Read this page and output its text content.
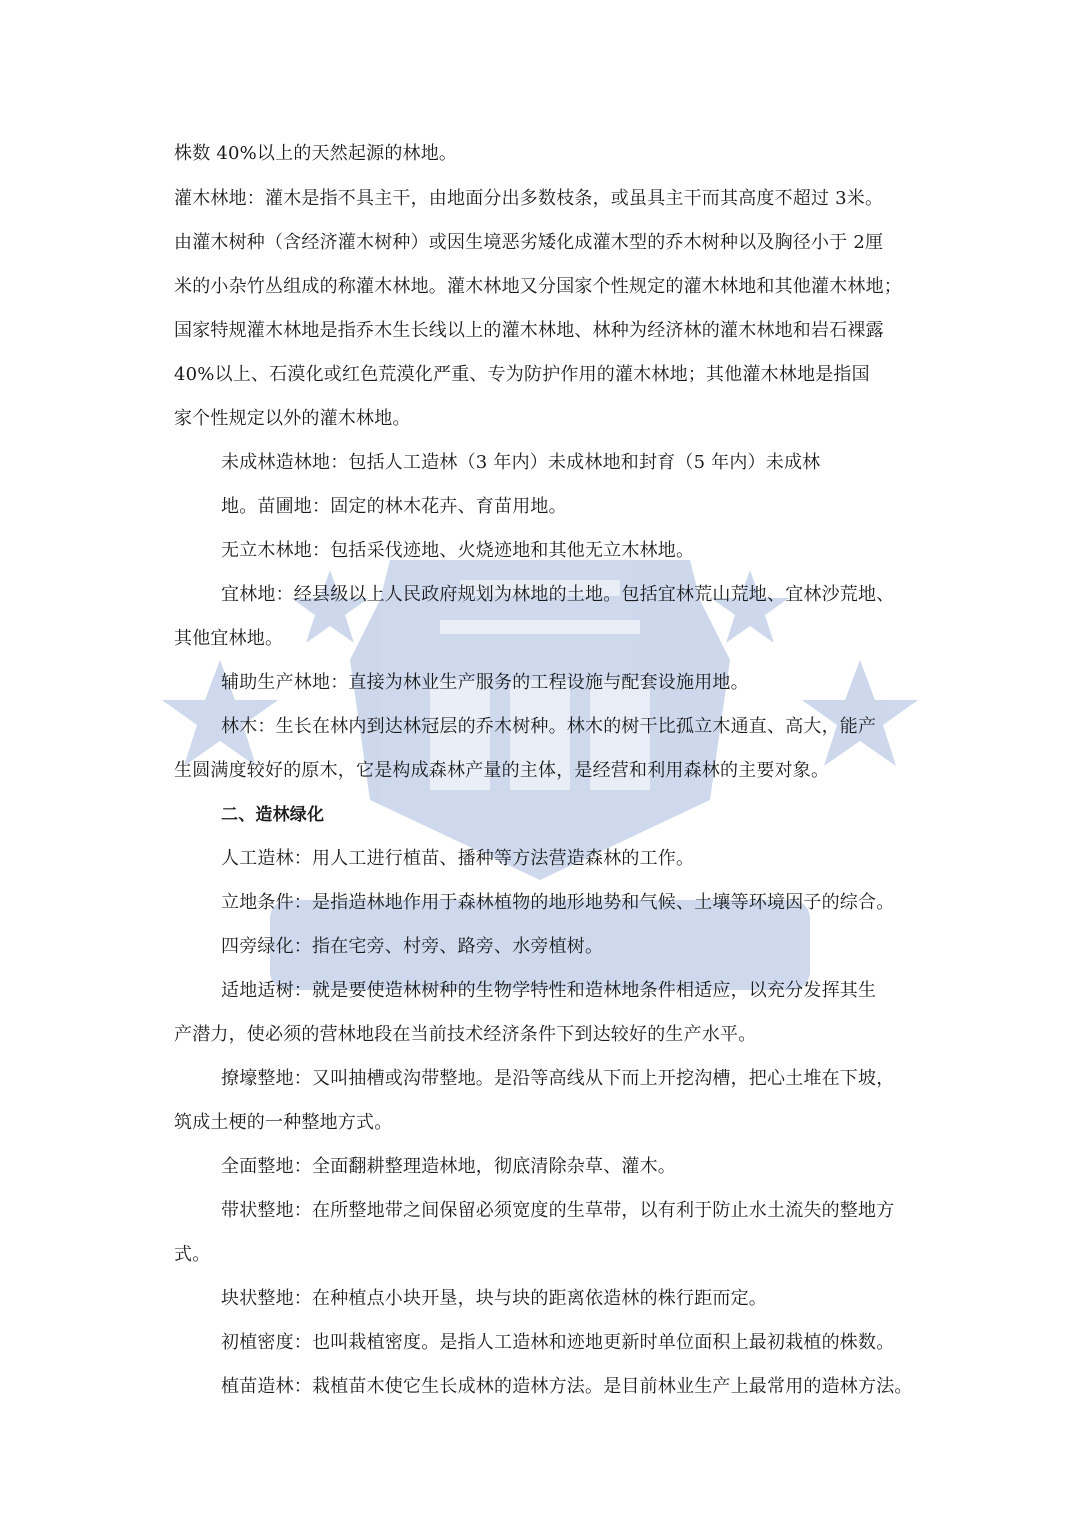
株数 40%以上的天然起源的林地。
灌木林地：灌木是指不具主干，由地面分出多数枝条，或虽具主干而其高度不超过 3米。
由灌木树种（含经济灌木树种）或因生境恶劣矮化成灌木型的乔木树种以及胸径小于 2厘
米的小杂竹丛组成的称灌木林地。灌木林地又分国家个性规定的灌木林地和其他灌木林地；
国家特规灌木林地是指乔木生长线以上的灌木林地、林种为经济林的灌木林地和岩石裸露
40%以上、石漠化或红色荒漠化严重、专为防护作用的灌木林地；其他灌木林地是指国
家个性规定以外的灌木林地。
未成林造林地：包括人工造林（3 年内）未成林地和封育（5 年内）未成林
地。苗圃地：固定的林木花卉、育苗用地。
无立木林地：包括采伐迹地、火烧迹地和其他无立木林地。
宜林地：经县级以上人民政府规划为林地的土地。包括宜林荒山荒地、宜林沙荒地、
其他宜林地。
辅助生产林地：直接为林业生产服务的工程设施与配套设施用地。
林木：生长在林内到达林冠层的乔木树种。林木的树干比孤立木通直、高大，能产
生圆满度较好的原木，它是构成森林产量的主体，是经营和利用森林的主要对象。
二、造林绿化
人工造林：用人工进行植苗、播种等方法营造森林的工作。
立地条件：是指造林地作用于森林植物的地形地势和气候、土壤等环境因子的综合。
四旁绿化：指在宅旁、村旁、路旁、水旁植树。
适地适树：就是要使造林树种的生物学特性和造林地条件相适应，以充分发挥其生
产潜力，使必须的营林地段在当前技术经济条件下到达较好的生产水平。
撩壕整地：又叫抽槽或沟带整地。是沿等高线从下而上开挖沟槽，把心土堆在下坡，
筑成土梗的一种整地方式。
全面整地：全面翻耕整理造林地，彻底清除杂草、灌木。
带状整地：在所整地带之间保留必须宽度的生草带，以有利于防止水土流失的整地方
式。
块状整地：在种植点小块开垦，块与块的距离依造林的株行距而定。
初植密度：也叫栽植密度。是指人工造林和迹地更新时单位面积上最初栽植的株数。
植苗造林：栽植苗木使它生长成林的造林方法。是目前林业生产上最常用的造林方法。
